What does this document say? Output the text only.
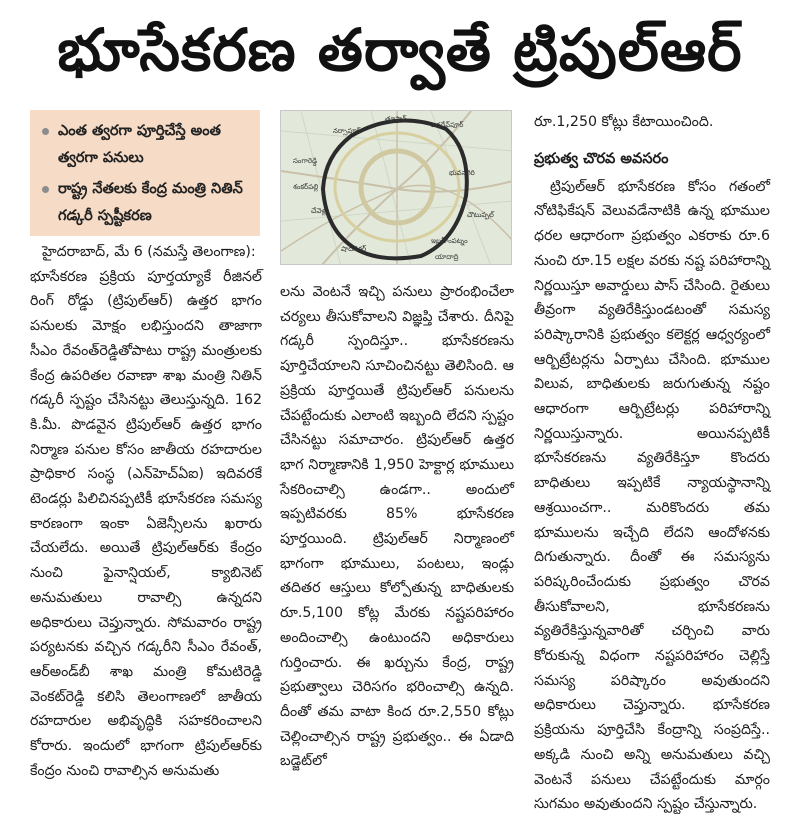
భూసేకరణ తర్వాతే ట్రిపుల్‌ఆర్‌
ఎంత త్వరగా పూర్తిచేస్తే అంత త్వరగా పనులు
రాష్ట్ర నేతలకు కేంద్ర మంత్రి నితిన్‌ గడ్కరీ స్పష్టీకరణ
సంగారెడ్డి
నర్సాపూర్‌
తూప్రాన్‌
జగదేవ్‌పూర్‌
భువనగిరి
చౌటుప్పల్‌
శంకర్‌పల్లి
చేవెళ్ల
షాద్‌నగర్‌
ఇబ్రహీంపట్నం
యాదాద్రి

హైదరాబాద్‌, మే 6 (నమస్తే తెలంగాణ):

భూసేకరణ ప్రక్రియ పూర్తయ్యాకే రీజినల్‌ రింగ్‌ రోడ్డు (ట్రిపుల్‌ఆర్‌) ఉత్తర భాగం పనులకు మోక్షం లభిస్తుందని తాజాగా సీఎం రేవంత్‌రెడ్డితోపాటు రాష్ట్ర మంత్రులకు కేంద్ర ఉపరితల రవాణా శాఖ మంత్రి నితిన్‌ గడ్కరీ స్పష్టం చేసినట్టు తెలుస్తున్నది. 162 కి.మీ. పొడవైన ట్రిపుల్‌ఆర్‌ ఉత్తర భాగం నిర్మాణ పనుల కోసం జాతీయ రహదారుల ప్రాధికార సంస్థ (ఎన్‌హెచ్‌ఏఐ) ఇదివరకే టెండర్లు పిలిచినప్పటికీ భూసేకరణ సమస్య కారణంగా ఇంకా ఏజెన్సీలను ఖరారు చేయలేదు. అయితే ట్రిపుల్‌ఆర్‌కు కేంద్రం నుంచి ఫైనాన్షియల్‌, క్యాబినెట్‌ అనుమతులు రావాల్సి ఉన్నదని అధికారులు చెప్తున్నారు. సోమవారం రాష్ట్ర పర్యటనకు వచ్చిన గడ్కరీని సీఎం రేవంత్‌, ఆర్‌అండ్‌బీ శాఖ మంత్రి కోమటిరెడ్డి వెంకట్‌రెడ్డి కలిసి తెలంగాణలో జాతీయ రహదారుల అభివృద్ధికి సహకరించాలని కోరారు. ఇందులో భాగంగా ట్రిపుల్‌ఆర్‌కు కేంద్రం నుంచి రావాల్సిన అనుమతు

లను వెంటనే ఇచ్చి పనులు ప్రారంభించేలా చర్యలు తీసుకోవాలని విజ్ఞప్తి చేశారు. దీనిపై గడ్కరీ స్పందిస్తూ.. భూసేకరణను పూర్తిచేయాలని సూచించినట్టు తెలిసింది. ఆ ప్రక్రియ పూర్తయితే ట్రిపుల్‌ఆర్‌ పనులను చేపట్టేందుకు ఎలాంటి ఇబ్బంది లేదని స్పష్టం చేసినట్టు సమాచారం. ట్రిపుల్‌ఆర్‌ ఉత్తర భాగ నిర్మాణానికి 1,950 హెక్టార్ల భూములు సేకరించాల్సి ఉండగా.. అందులో ఇప్పటివరకు 85% భూసేకరణ పూర్తయింది. ట్రిపుల్‌ఆర్‌ నిర్మాణంలో భాగంగా భూములు, పంటలు, ఇండ్లు తదితర ఆస్తులు కోల్పోతున్న బాధితులకు రూ.5,100 కోట్ల మేరకు నష్టపరిహారం అందించాల్సి ఉంటుందని అధికారులు గుర్తించారు. ఈ ఖర్చును కేంద్ర, రాష్ట్ర ప్రభుత్వాలు చెరిసగం భరించాల్సి ఉన్నది. దీంతో తమ వాటా కింద రూ.2,550 కోట్లు చెల్లించాల్సిన రాష్ట్ర ప్రభుత్వం.. ఈ ఏడాది బడ్జెట్‌లో

రూ.1,250 కోట్లు కేటాయించింది.

ప్రభుత్వ చొరవ అవసరం

ట్రిపుల్‌ఆర్‌ భూసేకరణ కోసం గతంలో నోటిఫికేషన్‌ వెలువడేనాటికి ఉన్న భూముల ధరల ఆధారంగా ప్రభుత్వం ఎకరాకు రూ.6 నుంచి రూ.15 లక్షల వరకు నష్ట పరిహారాన్ని నిర్ణయిస్తూ అవార్డులు పాస్‌ చేసింది. రైతులు తీవ్రంగా వ్యతిరేకిస్తుండటంతో సమస్య పరిష్కారానికి ప్రభుత్వం కలెక్టర్ల ఆధ్వర్యంలో ఆర్బిట్రేటర్లను ఏర్పాటు చేసింది. భూముల విలువ, బాధితులకు జరుగుతున్న నష్టం ఆధారంగా ఆర్బిట్రేటర్లు పరిహారాన్ని నిర్ణయిస్తున్నారు. అయినప్పటికీ భూసేకరణను వ్యతిరేకిస్తూ కొందరు బాధితులు ఇప్పటికే న్యాయస్థానాన్ని ఆశ్రయించగా.. మరికొందరు తమ భూములను ఇచ్చేది లేదని ఆందోళనకు దిగుతున్నారు. దీంతో ఈ సమస్యను పరిష్కరించేందుకు ప్రభుత్వం చొరవ తీసుకోవాలని, భూసేకరణను వ్యతిరేకిస్తున్నవారితో చర్చించి వారు కోరుకున్న విధంగా నష్టపరిహారం చెల్లిస్తే సమస్య పరిష్కారం అవుతుందని అధికారులు చెప్తున్నారు. భూసేకరణ ప్రక్రియను పూర్తిచేసి కేంద్రాన్ని సంప్రదిస్తే.. అక్కడి నుంచి అన్ని అనుమతులు వచ్చి వెంటనే పనులు చేపట్టేందుకు మార్గం సుగమం అవుతుందని స్పష్టం చేస్తున్నారు.
